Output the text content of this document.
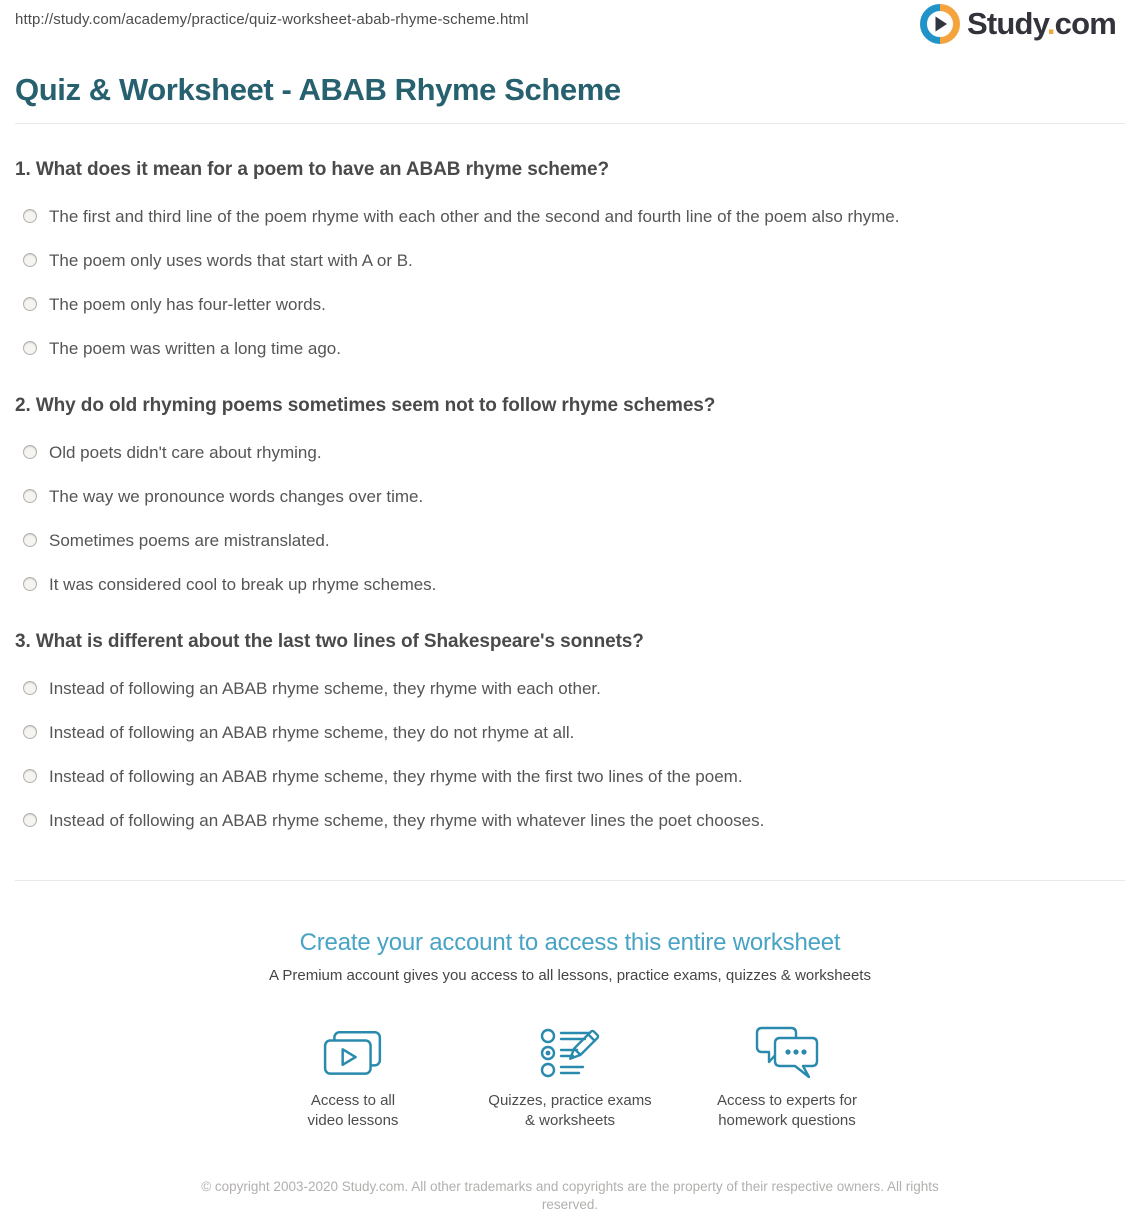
http://study.com/academy/practice/quiz-worksheet-abab-rhyme-scheme.html	Study.com
Quiz & Worksheet - ABAB Rhyme Scheme
1. What does it mean for a poem to have an ABAB rhyme scheme?
The first and third line of the poem rhyme with each other and the second and fourth line of the poem also rhyme.
The poem only uses words that start with A or B.
The poem only has four-letter words.
The poem was written a long time ago.
2. Why do old rhyming poems sometimes seem not to follow rhyme schemes?
Old poets didn't care about rhyming.
The way we pronounce words changes over time.
Sometimes poems are mistranslated.
It was considered cool to break up rhyme schemes.
3. What is different about the last two lines of Shakespeare's sonnets?
Instead of following an ABAB rhyme scheme, they rhyme with each other.
Instead of following an ABAB rhyme scheme, they do not rhyme at all.
Instead of following an ABAB rhyme scheme, they rhyme with the first two lines of the poem.
Instead of following an ABAB rhyme scheme, they rhyme with whatever lines the poet chooses.
Create your account to access this entire worksheet

A Premium account gives you access to all lessons, practice exams, quizzes & worksheets

Access to all
video lessons
Quizzes, practice exams
& worksheets
Access to experts for
homework questions

© copyright 2003-2020 Study.com. All other trademarks and copyrights are the property of their respective owners. All rights reserved.
